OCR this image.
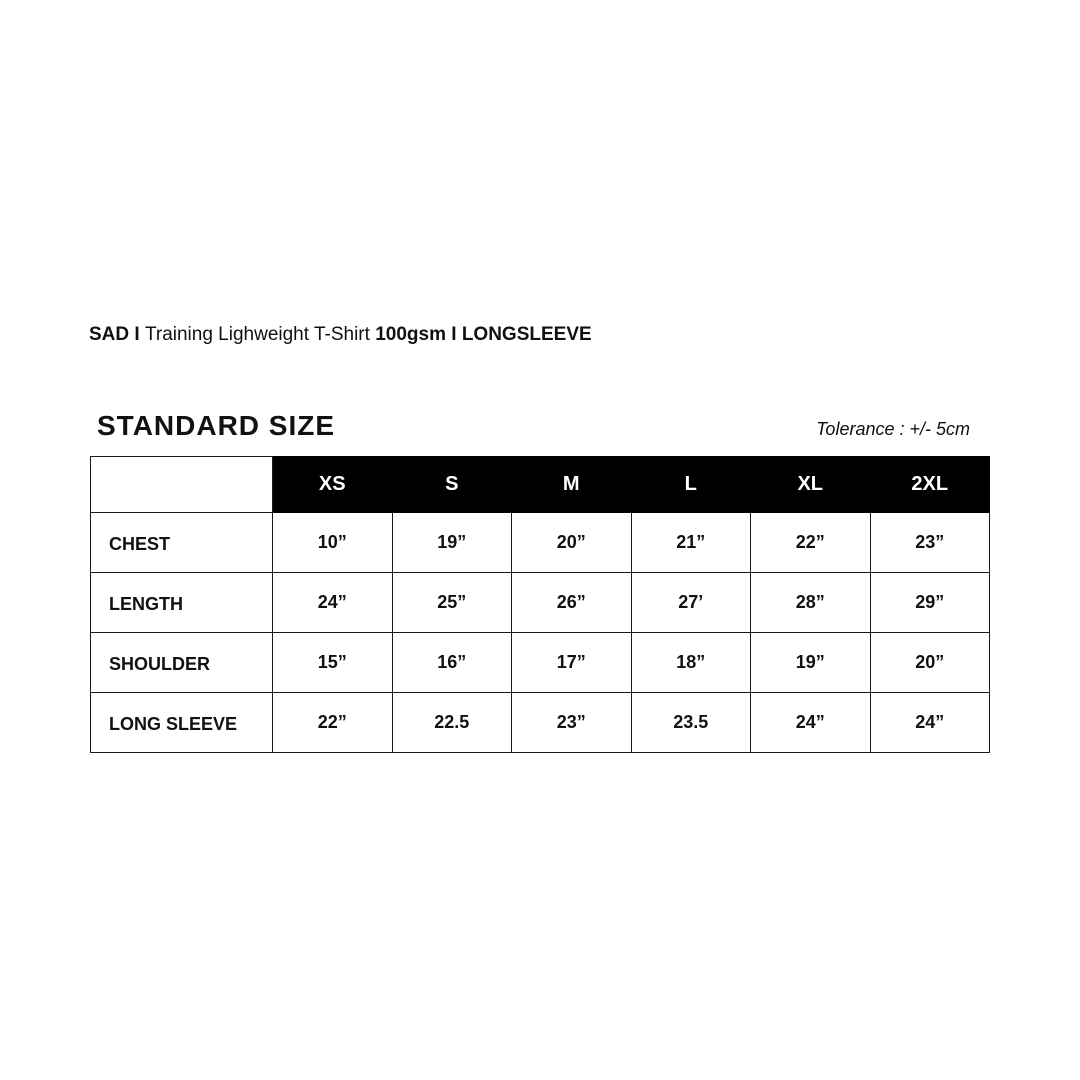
SAD I Training Lighweight T-Shirt 100gsm I LONGSLEEVE
STANDARD SIZE	Tolerance : +/- 5cm
	XS	S	M	L	XL	2XL
CHEST	10”	19”	20”	21”	22”	23”
LENGTH	24”	25”	26”	27’	28”	29”
SHOULDER	15”	16”	17”	18”	19”	20”
LONG SLEEVE	22”	22.5	23”	23.5	24”	24”
